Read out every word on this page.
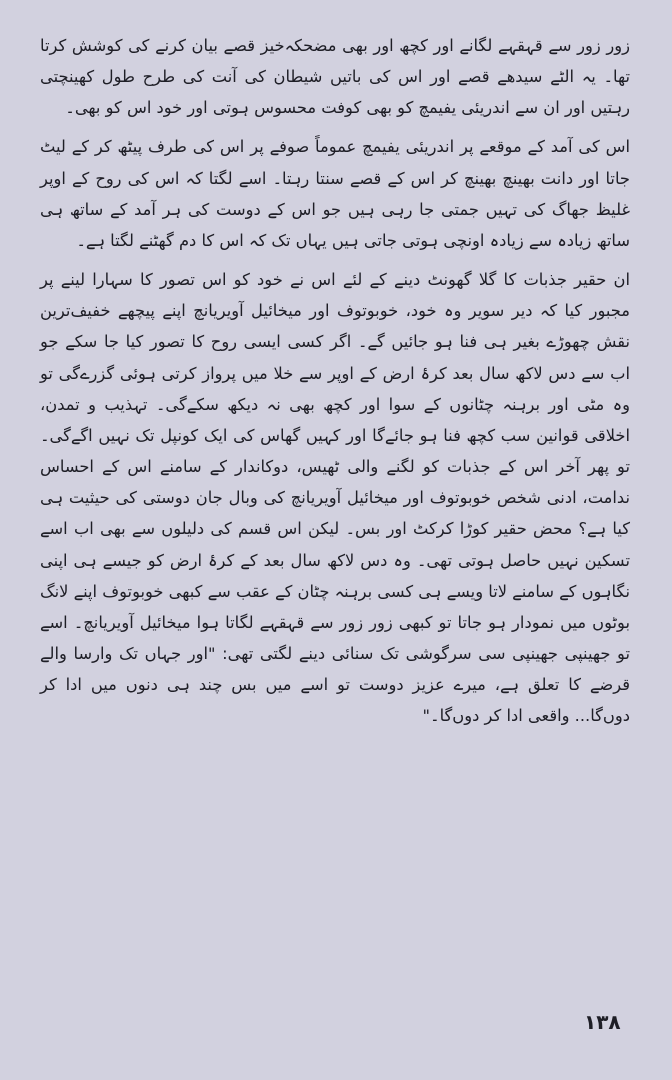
زور زور سے قہقہے لگانے اور کچھ اور بھی مضحکہ‌خیز قصے بیان کرنے کی کوشش کرتا تھا۔ یہ الٹے سیدھے قصے اور اس کی باتیں شیطان کی آنت کی طرح طول کھینچتی رہتیں اور ان سے اندریئی یفیمچ کو بھی کوفت محسوس ہوتی اور خود اس کو بھی۔

اس کی آمد کے موقعے پر اندریئی یفیمچ عموماً صوفے پر اس کی طرف پیٹھ کر کے لیٹ جاتا اور دانت بھینچ بھینچ کر اس کے قصے سنتا رہتا۔ اسے لگتا کہ اس کی روح کے اوپر غلیظ جھاگ کی تہیں جمتی جا رہی ہیں جو اس کے دوست کی ہر آمد کے ساتھ ہی ساتھ زیادہ سے زیادہ اونچی ہوتی جاتی ہیں یہاں تک کہ اس کا دم گھٹنے لگتا ہے۔

ان حقیر جذبات کا گلا گھونٹ دینے کے لئے اس نے خود کو اس تصور کا سہارا لینے پر مجبور کیا کہ دیر سویر وہ خود، خوبوتوف اور میخائیل آویریانچ اپنے پیچھے خفیف‌ترین نقش چھوڑے بغیر ہی فنا ہو جائیں گے۔ اگر کسی ایسی روح کا تصور کیا جا سکے جو اب سے دس لاکھ سال بعد کرۂ ارض کے اوپر سے خلا میں پرواز کرتی ہوئی گزرےگی تو وہ مٹی اور برہنہ چٹانوں کے سوا اور کچھ بھی نہ دیکھ سکےگی۔ تہذیب و تمدن، اخلاقی قوانین سب کچھ فنا ہو جائےگا اور کہیں گھاس کی ایک کونپل تک نہیں اگےگی۔ تو پھر آخر اس کے جذبات کو لگنے والی ٹھیس، دوکاندار کے سامنے اس کے احساس ندامت، ادنی شخص خوبوتوف اور میخائیل آویریانچ کی وبال جان دوستی کی حیثیت ہی کیا ہے؟ محض حقیر کوڑا کرکٹ اور بس۔ لیکن اس قسم کی دلیلوں سے بھی اب اسے تسکین نہیں حاصل ہوتی تھی۔ وہ دس لاکھ سال بعد کے کرۂ ارض کو جیسے ہی اپنی نگاہوں کے سامنے لاتا ویسے ہی کسی برہنہ چٹان کے عقب سے کبھی خوبوتوف اپنے لانگ بوٹوں میں نمودار ہو جاتا تو کبھی زور زور سے قہقہے لگاتا ہوا میخائیل آویریانچ۔ اسے تو جھینپی جھینپی سی سرگوشی تک سنائی دینے لگتی تھی: "اور جہاں تک وارسا والے قرضے کا تعلق ہے، میرے عزیز دوست تو اسے میں بس چند ہی دنوں میں ادا کر دوں‌گا... واقعی ادا کر دوں‌گا۔"

١٣٨
